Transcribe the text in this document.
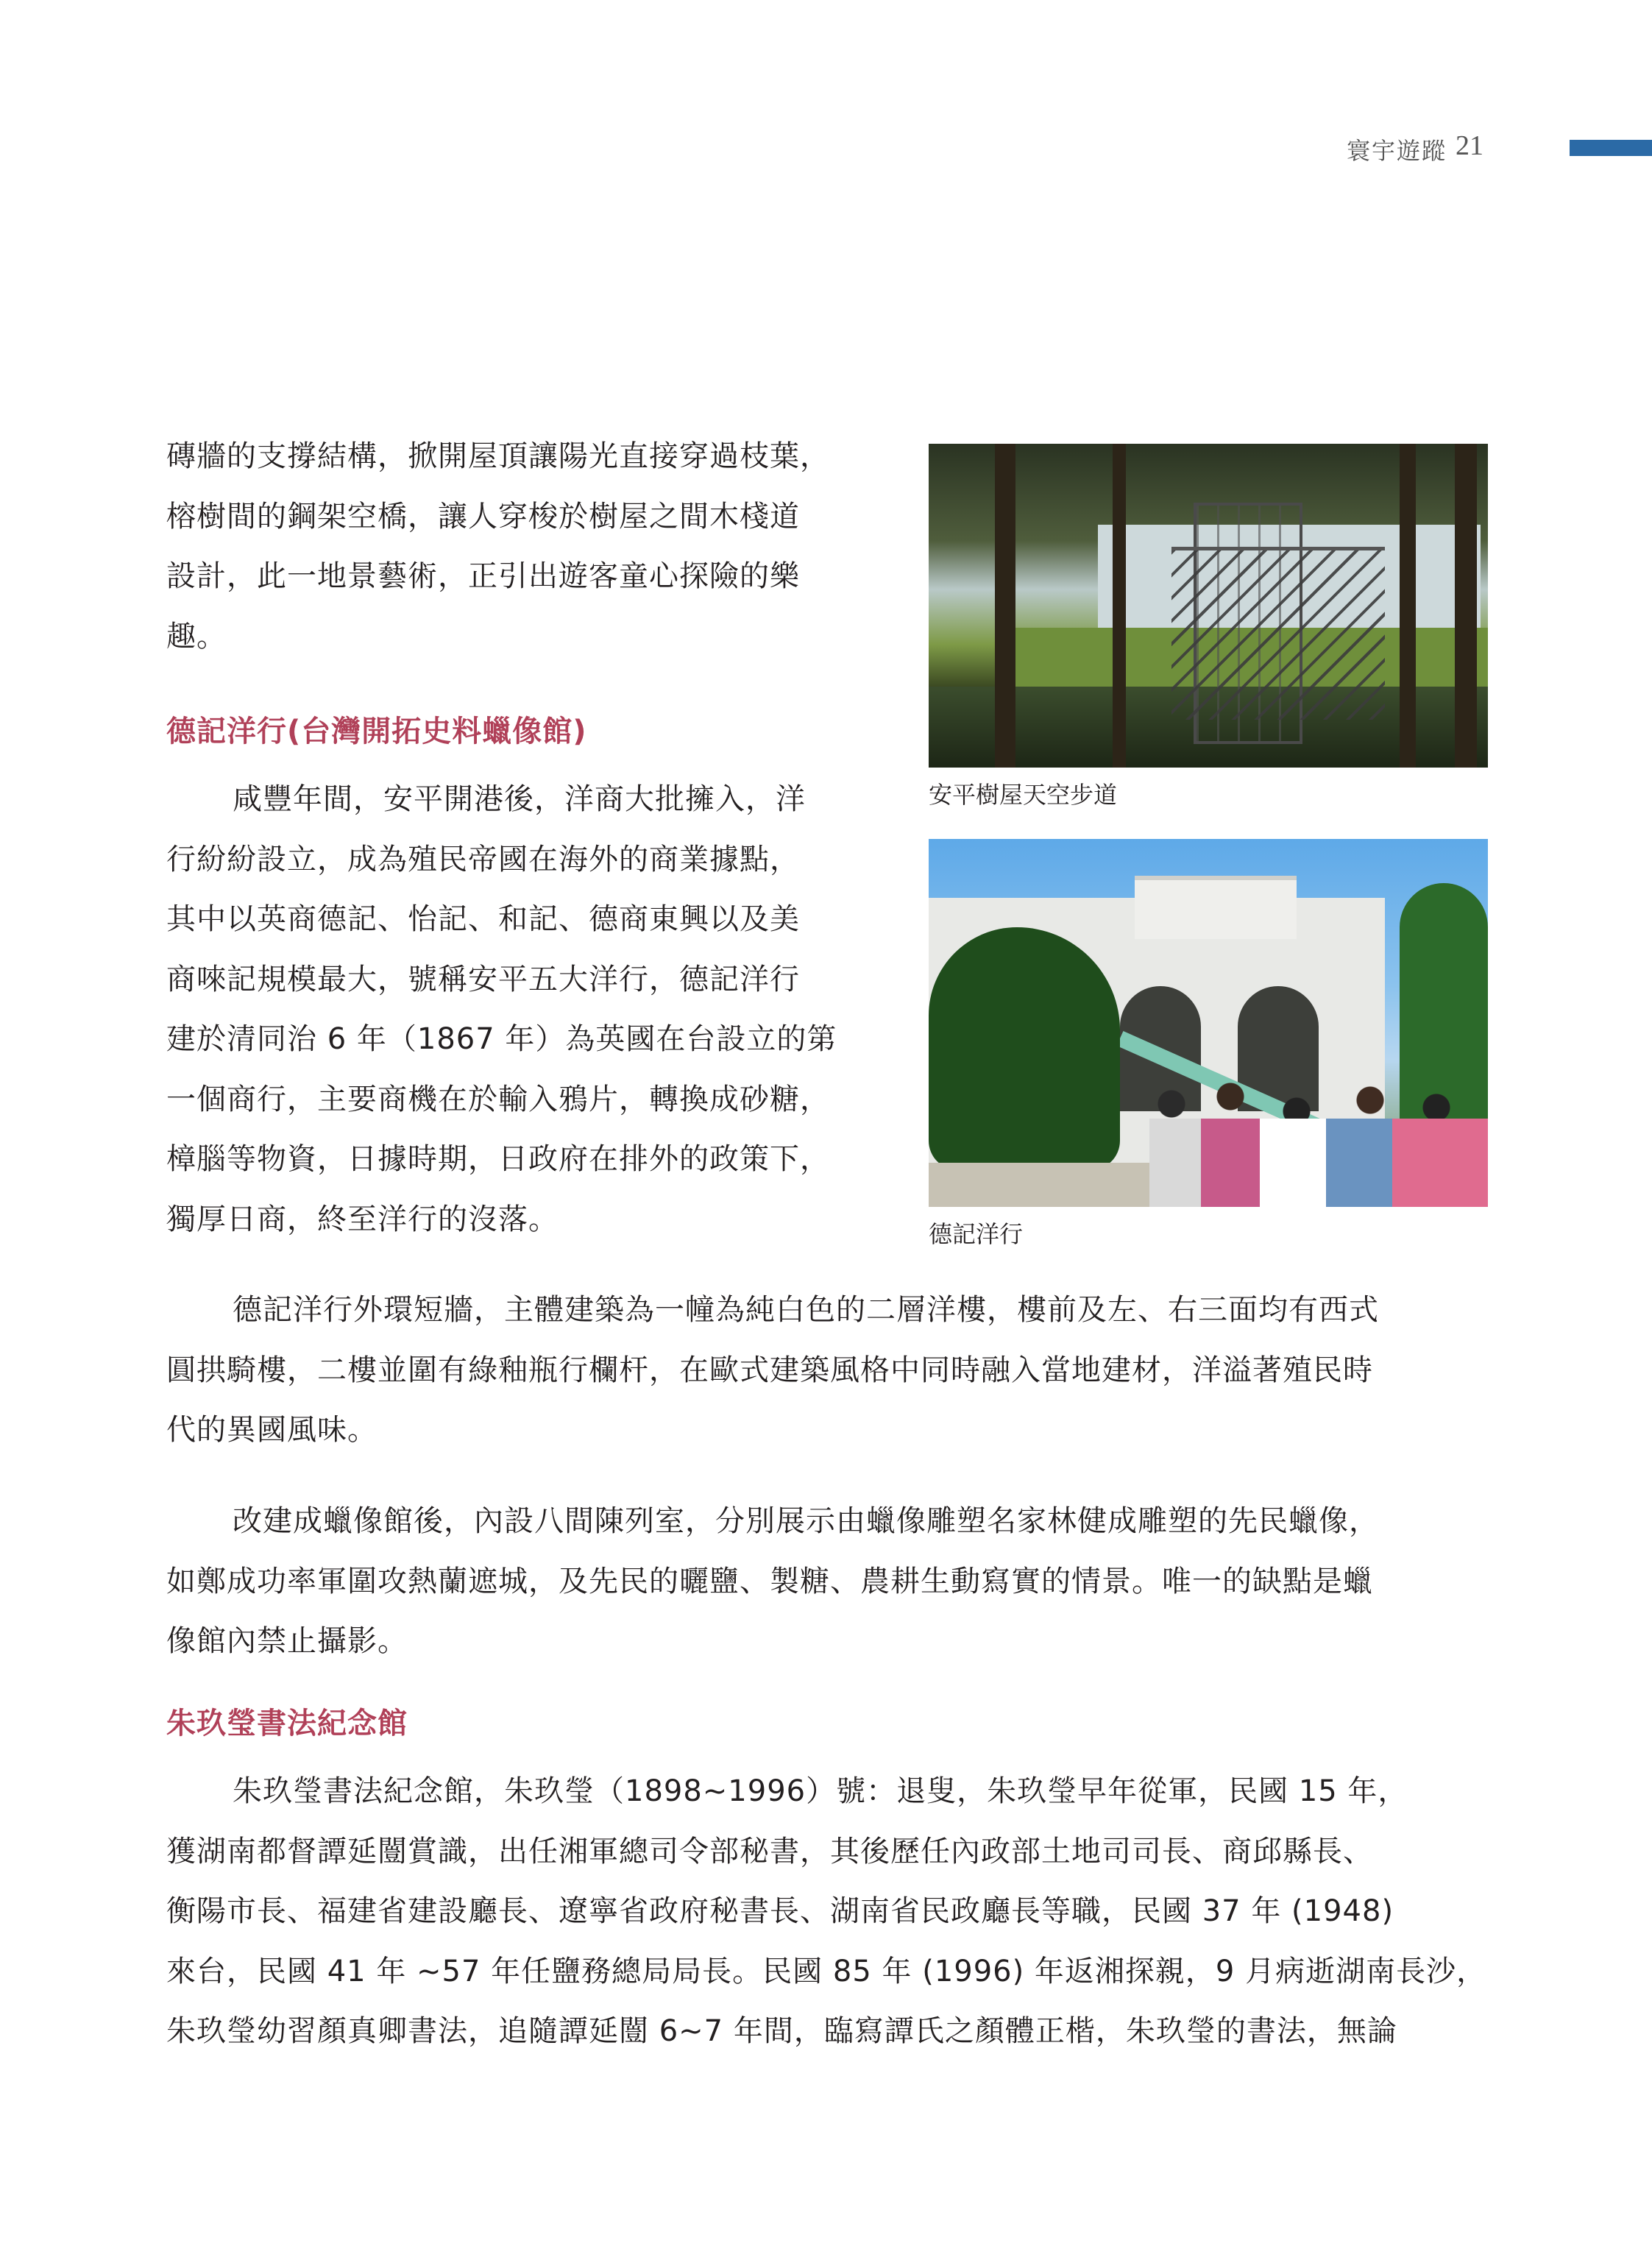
寰宇遊蹤 21
磚牆的支撐結構，掀開屋頂讓陽光直接穿過枝葉，
榕樹間的鋼架空橋，讓人穿梭於樹屋之間木棧道
設計，此一地景藝術，正引出遊客童心探險的樂
趣。
德記洋行(台灣開拓史料蠟像館)
咸豐年間，安平開港後，洋商大批擁入，洋
行紛紛設立，成為殖民帝國在海外的商業據點，
其中以英商德記、怡記、和記、德商東興以及美
商唻記規模最大，號稱安平五大洋行，德記洋行
建於清同治 6 年（1867 年）為英國在台設立的第
一個商行，主要商機在於輸入鴉片，轉換成砂糖，
樟腦等物資，日據時期，日政府在排外的政策下，
獨厚日商，終至洋行的沒落。
安平樹屋天空步道
德記洋行
德記洋行外環短牆，主體建築為一幢為純白色的二層洋樓，樓前及左、右三面均有西式
圓拱騎樓，二樓並圍有綠釉瓶行欄杆，在歐式建築風格中同時融入當地建材，洋溢著殖民時
代的異國風味。
改建成蠟像館後，內設八間陳列室，分別展示由蠟像雕塑名家林健成雕塑的先民蠟像，
如鄭成功率軍圍攻熱蘭遮城，及先民的曬鹽、製糖、農耕生動寫實的情景。唯一的缺點是蠟
像館內禁止攝影。
朱玖瑩書法紀念館
朱玖瑩書法紀念館，朱玖瑩（1898~1996）號：退叟，朱玖瑩早年從軍，民國 15 年，
獲湖南都督譚延闓賞識，出任湘軍總司令部秘書，其後歷任內政部土地司司長、商邱縣長、
衡陽市長、福建省建設廳長、遼寧省政府秘書長、湖南省民政廳長等職，民國 37 年 (1948)
來台，民國 41 年 ~57 年任鹽務總局局長。民國 85 年 (1996) 年返湘探親，9 月病逝湖南長沙，
朱玖瑩幼習顏真卿書法，追隨譚延闓 6~7 年間，臨寫譚氏之顏體正楷，朱玖瑩的書法，無論
